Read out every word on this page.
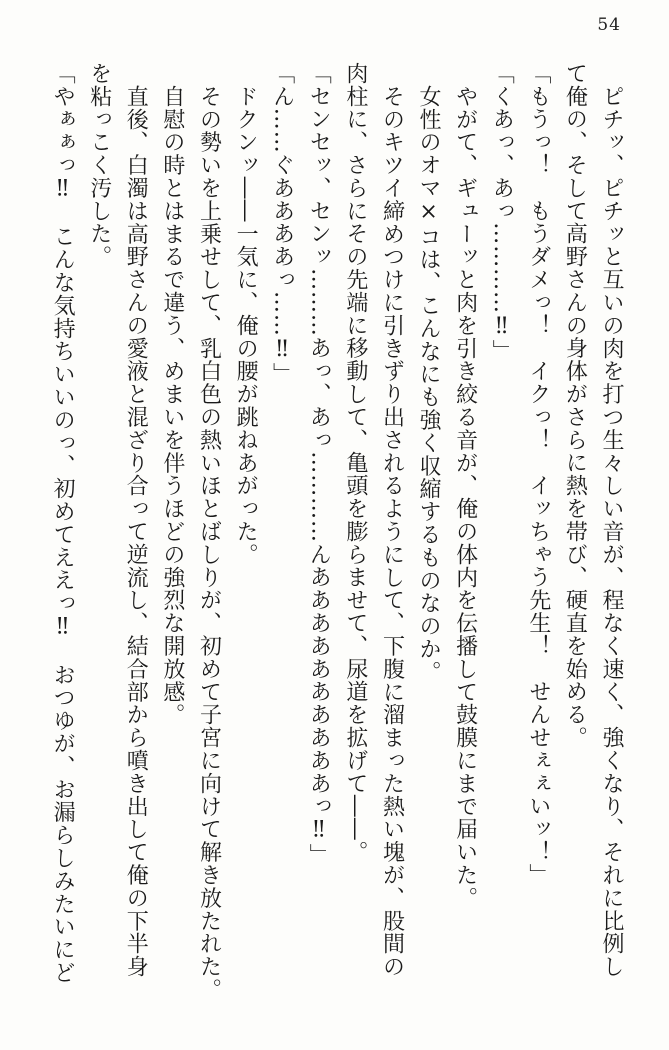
54

ピチッ、ピチッと互いの肉を打つ生々しい音が、程なく速く、強くなり、それに比例し

て俺の、そして高野さんの身体がさらに熱を帯び、硬直を始める。

「もうっ！　もうダメっ！　イクっ！　イッちゃう先生！　せんせぇぇいッ！」

「くあっ、あっ…………‼」

やがて、ギューッと肉を引き絞る音が、俺の体内を伝播して鼓膜にまで届いた。

女性のオマ×コは、こんなにも強く収縮するものなのか。

そのキツイ締めつけに引きずり出されるようにして、下腹に溜まった熱い塊が、股間の

肉柱に、さらにその先端に移動して、亀頭を膨らませて、尿道を拡げて――。

「センセッ、センッ………あっ、あっ…………んああああああああああっ‼」

「ん……ぐああああっ……‼」

ドクンッ――一気に、俺の腰が跳ねあがった。

その勢いを上乗せして、乳白色の熱いほとばしりが、初めて子宮に向けて解き放たれた。

自慰の時とはまるで違う、めまいを伴うほどの強烈な開放感。

直後、白濁は高野さんの愛液と混ざり合って逆流し、結合部から噴き出して俺の下半身

を粘っこく汚した。

「やぁぁっ‼　こんな気持ちいいのっ、初めてええっ‼　おつゆが、お漏らしみたいにど
